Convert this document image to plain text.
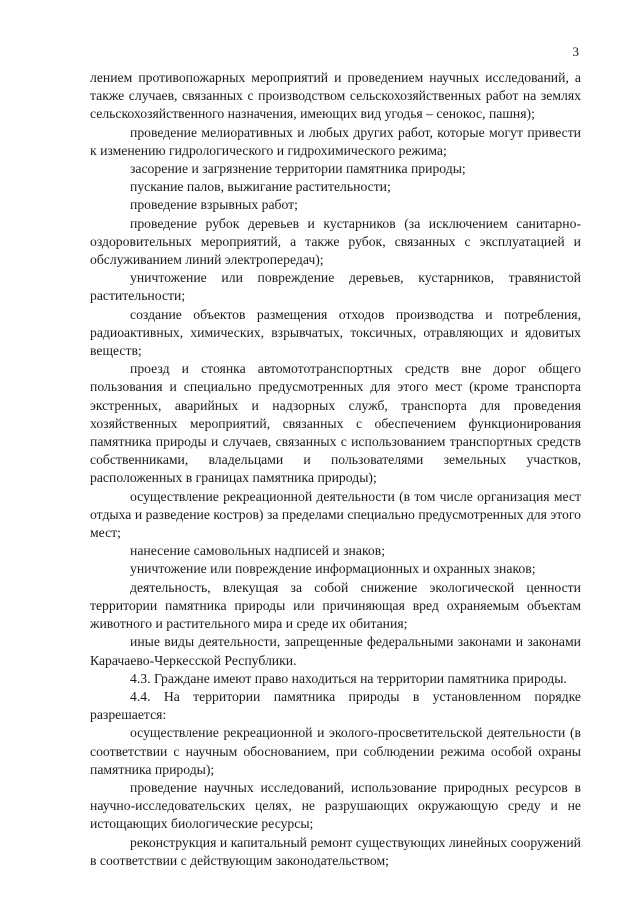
3

лением противопожарных мероприятий и проведением научных исследований, а также случаев, связанных с производством сельскохозяйственных работ на землях сельскохозяйственного назначения, имеющих вид угодья – сенокос, пашня);

проведение мелиоративных и любых других работ, которые могут привести к изменению гидрологического и гидрохимического режима;

засорение и загрязнение территории памятника природы;

пускание палов, выжигание растительности;

проведение взрывных работ;

проведение рубок деревьев и кустарников (за исключением санитарно-оздоровительных мероприятий, а также рубок, связанных с эксплуатацией и обслуживанием линий электропередач);

уничтожение или повреждение деревьев, кустарников, травянистой растительности;

создание объектов размещения отходов производства и потребления, радиоактивных, химических, взрывчатых, токсичных, отравляющих и ядовитых веществ;

проезд и стоянка автомототранспортных средств вне дорог общего пользования и специально предусмотренных для этого мест (кроме транспорта экстренных, аварийных и надзорных служб, транспорта для проведения хозяйственных мероприятий, связанных с обеспечением функционирования памятника природы и случаев, связанных с использованием транспортных средств собственниками, владельцами и пользователями земельных участков, расположенных в границах памятника природы);

осуществление рекреационной деятельности (в том числе организация мест отдыха и разведение костров) за пределами специально предусмотренных для этого мест;

нанесение самовольных надписей и знаков;

уничтожение или повреждение информационных и охранных знаков;

деятельность, влекущая за собой снижение экологической ценности территории памятника природы или причиняющая вред охраняемым объектам животного и растительного мира и среде их обитания;

иные виды деятельности, запрещенные федеральными законами и законами Карачаево-Черкесской Республики.

4.3. Граждане имеют право находиться на территории памятника природы.

4.4. На территории памятника природы в установленном порядке разрешается:

осуществление рекреационной и эколого-просветительской деятельности (в соответствии с научным обоснованием, при соблюдении режима особой охраны памятника природы);

проведение научных исследований, использование природных ресурсов в научно-исследовательских целях, не разрушающих окружающую среду и не истощающих биологические ресурсы;

реконструкция и капитальный ремонт существующих линейных сооружений в соответствии с действующим законодательством;
